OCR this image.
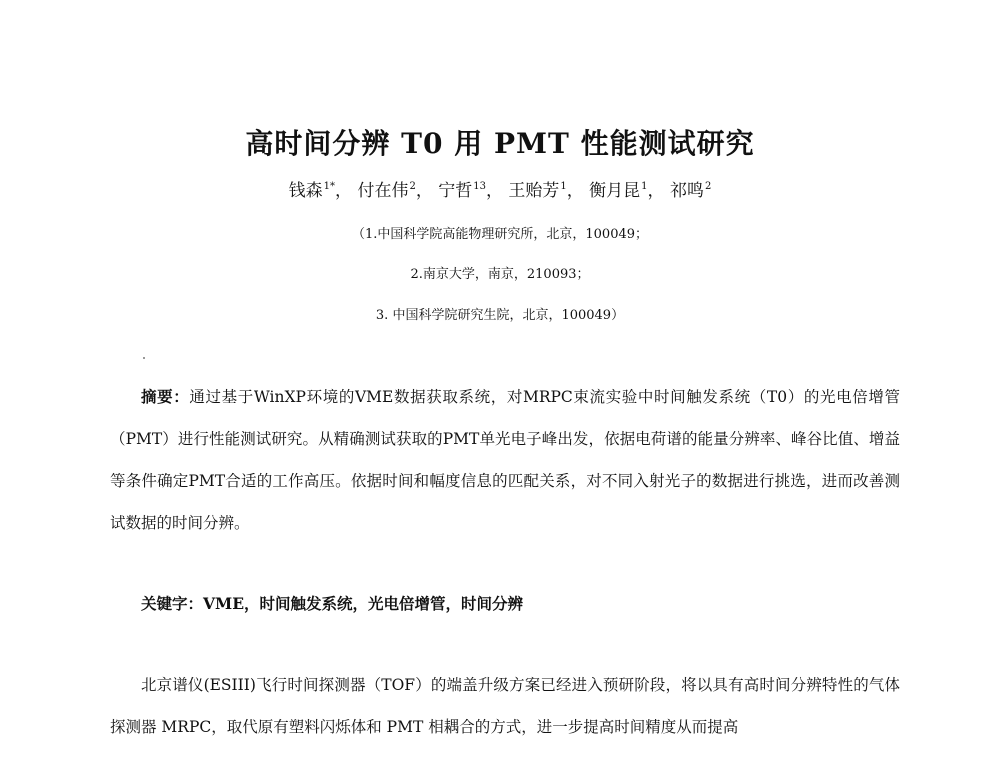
高时间分辨 T0 用 PMT 性能测试研究
钱森$^{1*}$， 付在伟$^2$， 宁哲$^{13}$， 王贻芳$^1$， 衡月昆$^1$， 祁鸣$^2$
（1.中国科学院高能物理研究所，北京，100049；
2.南京大学，南京，210093；
3. 中国科学院研究生院，北京，100049）
摘要：通过基于WinXP环境的VME数据获取系统，对MRPC束流实验中时间触发系统（T0）的光电倍增管（PMT）进行性能测试研究。从精确测试获取的PMT单光电子峰出发，依据电荷谱的能量分辨率、峰谷比值、增益等条件确定PMT合适的工作高压。依据时间和幅度信息的匹配关系，对不同入射光子的数据进行挑选，进而改善测试数据的时间分辨。
关键字：VME，时间触发系统，光电倍增管，时间分辨
北京谱仪(ESIII)飞行时间探测器（TOF）的端盖升级方案已经进入预研阶段，将以具有高时间分辨特性的气体探测器 MRPC，取代原有塑料闪烁体和 PMT 相耦合的方式，进一步提高时间精度从而提高
